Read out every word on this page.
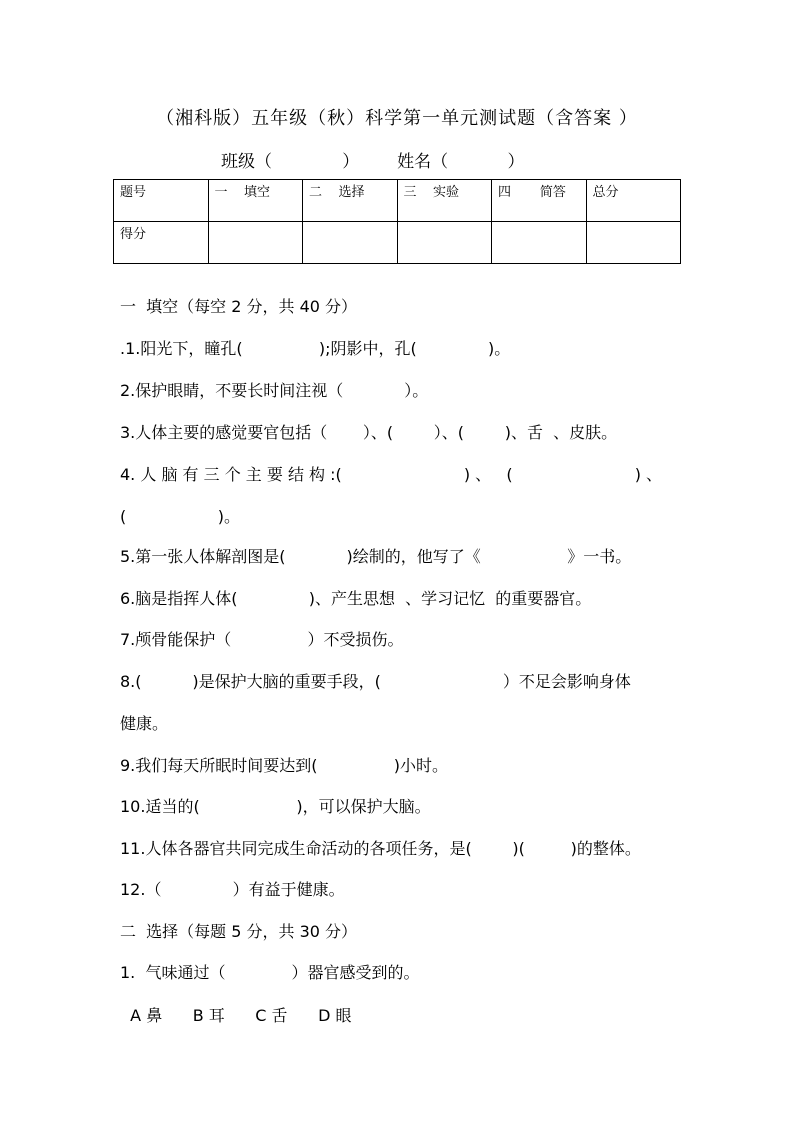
（湘科版）五年级（秋）科学第一单元测试题（含答案 ）
班级（             ）       姓名（           ）
题号	一    填空	二    选择	三    实验	四       简答	总分
得分					
一  填空（每空 2 分，共 40 分）
.1.阳光下，瞳孔(               );阴影中，孔(              )。
2.保护眼睛，不要长时间注视（            ）。
3.人体主要的感觉要官包括（       ）、(        ）、(        )、舌  、皮肤。
4. 人 脑 有 三 个 主 要 结 构 :(                        ) 、   (                        ) 、
(                  )。
5.第一张人体解剖图是(            )绘制的，他写了《                 》一书。
6.脑是指挥人体(              )、产生思想  、学习记忆  的重要器官。
7.颅骨能保护（               ）不受损伤。
8.(          )是保护大脑的重要手段，(                        ）不足会影响身体
健康。
9.我们每天所眠时间要达到(               )小时。
10.适当的(                   )，可以保护大脑。
11.人体各器官共同完成生命活动的各项任务，是(        )(         )的整体。
12.（              ）有益于健康。
二  选择（每题 5 分，共 30 分）
1.  气味通过（             ）器官感受到的。
A 鼻      B 耳      C 舌      D 眼
